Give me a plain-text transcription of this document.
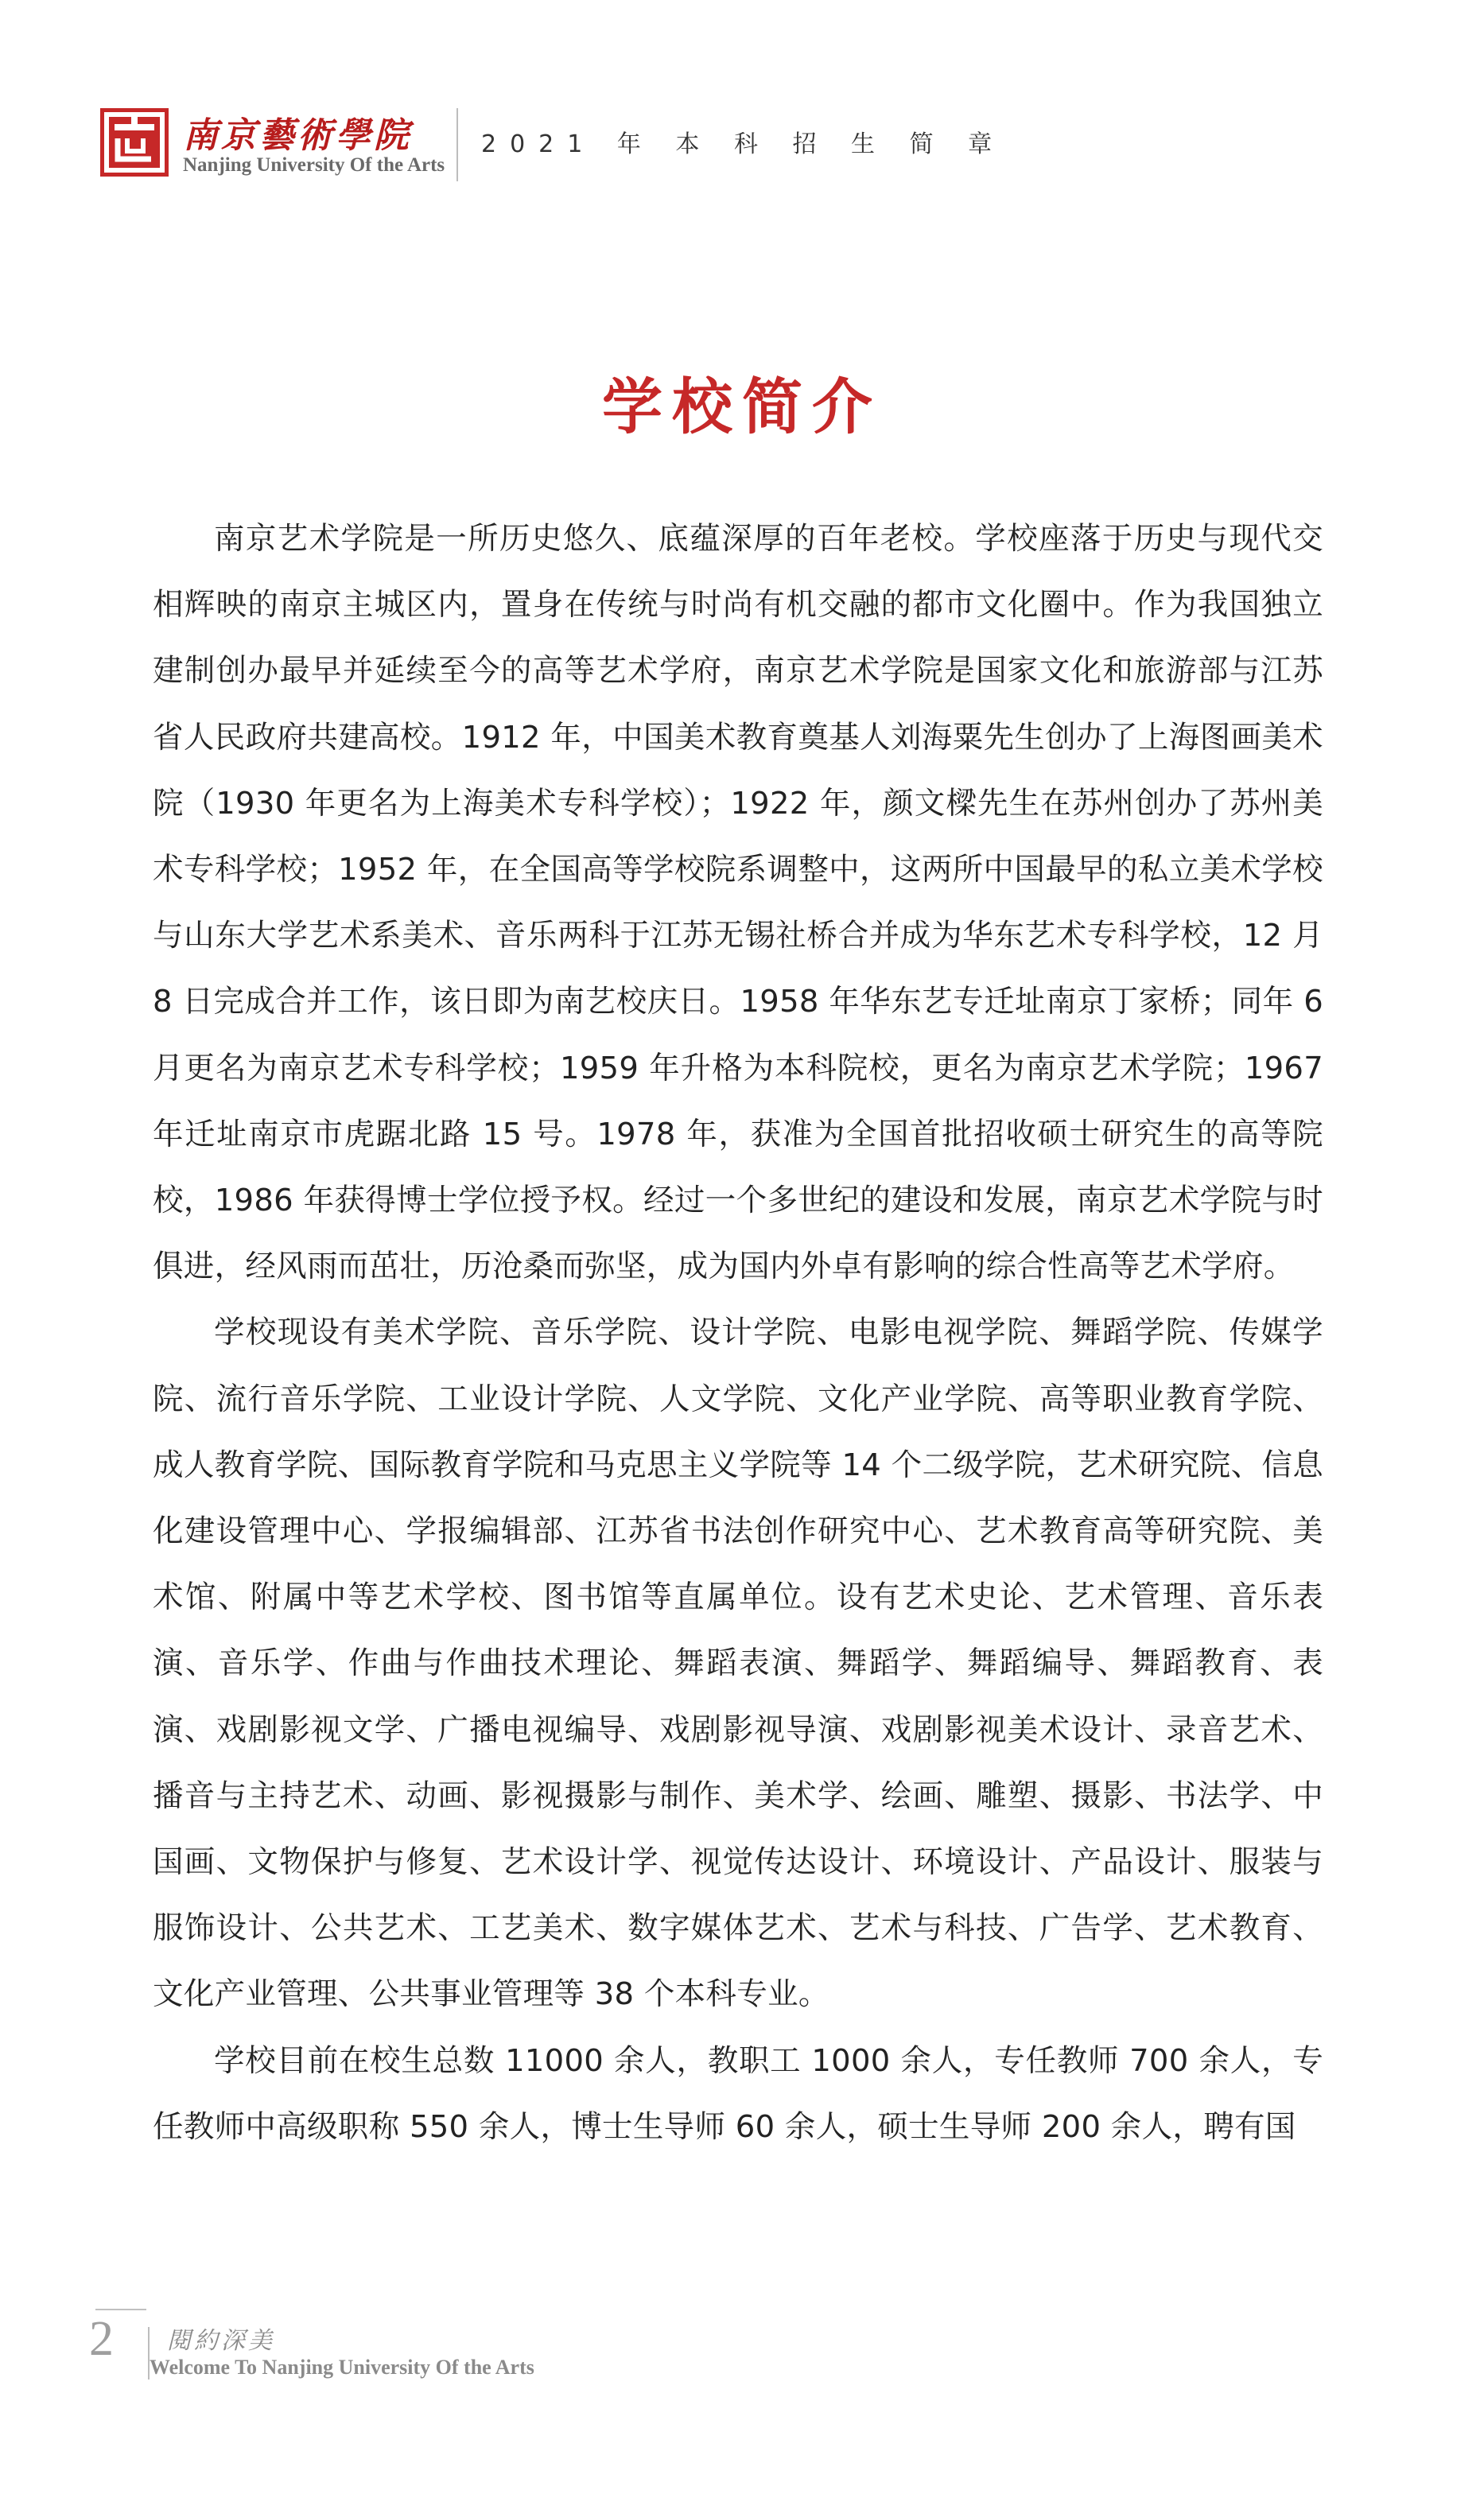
南京藝術學院
Nanjing University Of the Arts
2021 年 本 科 招 生 简 章
学校简介

南京艺术学院是一所历史悠久、底蕴深厚的百年老校。学校座落于历史与现代交相辉映的南京主城区内，置身在传统与时尚有机交融的都市文化圈中。作为我国独立建制创办最早并延续至今的高等艺术学府，南京艺术学院是国家文化和旅游部与江苏省人民政府共建高校。1912 年，中国美术教育奠基人刘海粟先生创办了上海图画美术院（1930 年更名为上海美术专科学校）；1922 年，颜文樑先生在苏州创办了苏州美术专科学校；1952 年，在全国高等学校院系调整中，这两所中国最早的私立美术学校与山东大学艺术系美术、音乐两科于江苏无锡社桥合并成为华东艺术专科学校，12 月 8 日完成合并工作，该日即为南艺校庆日。1958 年华东艺专迁址南京丁家桥；同年 6 月更名为南京艺术专科学校；1959 年升格为本科院校，更名为南京艺术学院；1967 年迁址南京市虎踞北路 15 号。1978 年，获准为全国首批招收硕士研究生的高等院校，1986 年获得博士学位授予权。经过一个多世纪的建设和发展，南京艺术学院与时俱进，经风雨而茁壮，历沧桑而弥坚，成为国内外卓有影响的综合性高等艺术学府。

学校现设有美术学院、音乐学院、设计学院、电影电视学院、舞蹈学院、传媒学院、流行音乐学院、工业设计学院、人文学院、文化产业学院、高等职业教育学院、成人教育学院、国际教育学院和马克思主义学院等 14 个二级学院，艺术研究院、信息化建设管理中心、学报编辑部、江苏省书法创作研究中心、艺术教育高等研究院、美术馆、附属中等艺术学校、图书馆等直属单位。设有艺术史论、艺术管理、音乐表演、音乐学、作曲与作曲技术理论、舞蹈表演、舞蹈学、舞蹈编导、舞蹈教育、表演、戏剧影视文学、广播电视编导、戏剧影视导演、戏剧影视美术设计、录音艺术、播音与主持艺术、动画、影视摄影与制作、美术学、绘画、雕塑、摄影、书法学、中国画、文物保护与修复、艺术设计学、视觉传达设计、环境设计、产品设计、服装与服饰设计、公共艺术、工艺美术、数字媒体艺术、艺术与科技、广告学、艺术教育、文化产业管理、公共事业管理等 38 个本科专业。

学校目前在校生总数 11000 余人，教职工 1000 余人，专任教师 700 余人，专任教师中高级职称 550 余人，博士生导师 60 余人，硕士生导师 200 余人，聘有国

2 閱約深美
Welcome To Nanjing University Of the Arts
